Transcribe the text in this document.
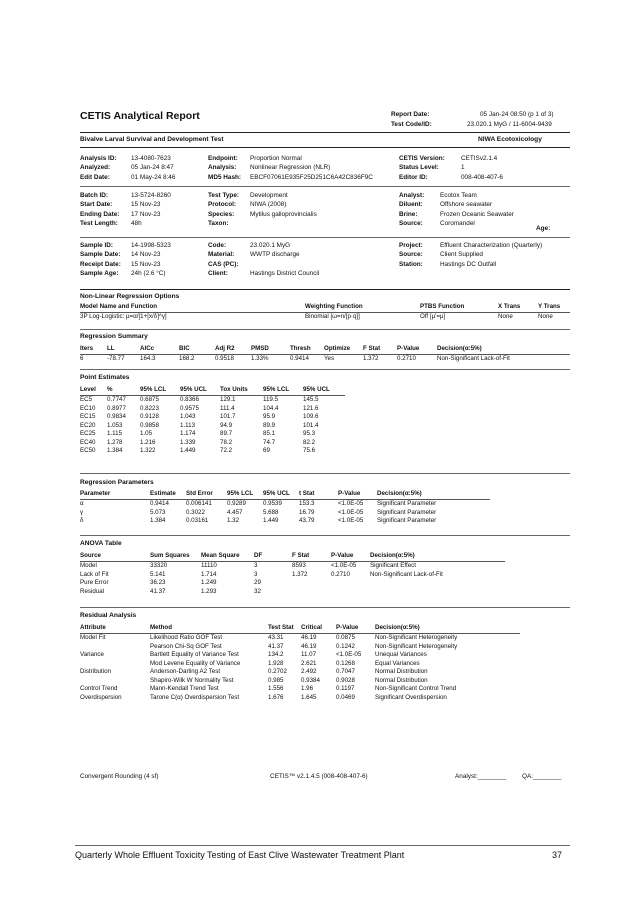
CETIS Analytical Report	Report Date:	05 Jan-24 08:50 (p 1 of 3)
Test Code/ID:	23.020.1 MyG / 11-6004-9439
Bivalve Larval Survival and Development Test	NIWA Ecotoxicology
Analysis ID: 13-4080-7623
Analyzed:	05 Jan-24 8:47
Edit Date:	01 May-24 8:46
Endpoint: Proportion Normal
Analysis: Nonlinear Regression (NLR)
MD5 Hash: EBCF07061E935F25D251C6A42C836F9C
CETIS Version:	CETISv2.1.4
Status Level:	1
Editor ID:	008-408-407-6
Batch ID:	13-5724-8260
Start Date:	15 Nov-23
Ending Date: 17 Nov-23
Test Length: 48h
Test Type: Development
Protocol: NIWA (2008)
Species: Mytilus galloprovincialis
Taxon:
Analyst: Ecotox Team
Diluent:	Offshore seawater
Brine:	Frozen Oceanic Seawater
Source:	Coromandel
Age:
Sample ID:	14-1998-5323
Sample Date: 14 Nov-23
Receipt Date: 15 Nov-23
Sample Age: 24h (2.6 °C)
Code:	23.020.1 MyG
Material: WWTP discharge
CAS (PC):
Client:	Hastings District Council
Project:	Effluent Characterization (Quarterly)
Source:	Client Supplied
Station:	Hastings DC Outfall
Non-Linear Regression Options
Model Name and Function	Weighting Function	PTBS Function	X Trans	Y Trans
3P Log-Logistic: μ=α/[1+[x/δ]^γ]	Binomial [ω=n/[p·q]]	Off [μ'=μ]	None	None
Regression Summary
Iters	LL	AICc	BIC	Adj R2	PMSD	Thresh	Optimize	F Stat	P-Value	Decision(α:5%)
6	-78.77	164.3	168.2	0.9518	1.33%	0.9414	Yes	1.372	0.2710	Non-Significant Lack-of-Fit
Point Estimates
Level	%	95% LCL	95% UCL	Tox Units	95% LCL	95% UCL
EC5	0.7747	0.6875	0.8366	129.1	119.5	145.5
EC10	0.8977	0.8223	0.9575	111.4	104.4	121.6
EC15	0.9834	0.9128	1.043	101.7	95.9	109.6
EC20	1.053	0.9858	1.113	94.9	89.9	101.4
EC25	1.115	1.05	1.174	89.7	85.1	95.3
EC40	1.278	1.216	1.339	78.2	74.7	82.2
EC50	1.384	1.322	1.449	72.2	69	75.6
Regression Parameters
Parameter	Estimate	Std Error	95% LCL	95% UCL	t Stat	P-Value	Decision(α:5%)
α	0.9414	0.006141	0.9289	0.9539	153.3	<1.0E-05	Significant Parameter
γ	5.073	0.3022	4.457	5.688	16.79	<1.0E-05	Significant Parameter
δ	1.384	0.03161	1.32	1.449	43.79	<1.0E-05	Significant Parameter
ANOVA Table
Source	Sum Squares	Mean Square	DF	F Stat	P-Value	Decision(α:5%)
Model	33320	11110	3	8593	<1.0E-05	Significant Effect
Lack of Fit	5.141	1.714	3	1.372	0.2710	Non-Significant Lack-of-Fit
Pure Error	36.23	1.249	29			
Residual	41.37	1.293	32			
Residual Analysis
Attribute	Method	Test Stat	Critical	P-Value	Decision(α:5%)
Model Fit	Likelihood Ratio GOF Test	43.31	46.19	0.0875	Non-Significant Heterogeneity
	Pearson Chi-Sq GOF Test	41.37	46.19	0.1242	Non-Significant Heterogeneity
Variance	Bartlett Equality of Variance Test	134.2	11.07	<1.0E-05	Unequal Variances
	Mod Levene Equality of Variance	1.928	2.621	0.1268	Equal Variances
Distribution	Anderson-Darling A2 Test	0.2702	2.492	0.7047	Normal Distribution
	Shapiro-Wilk W Normality Test	0.985	0.9384	0.9028	Normal Distribution
Control Trend	Mann-Kendall Trend Test	1.556	1.96	0.1197	Non-Significant Control Trend
Overdispersion	Tarone C(α) Overdispersion Test	1.676	1.645	0.0469	Significant Overdispersion
Convergent Rounding (4 sf)	CETIS™ v2.1.4.5 (008-408-407-6)	Analyst:________ QA:________
Quarterly Whole Effluent Toxicity Testing of East Clive Wastewater Treatment Plant	37
